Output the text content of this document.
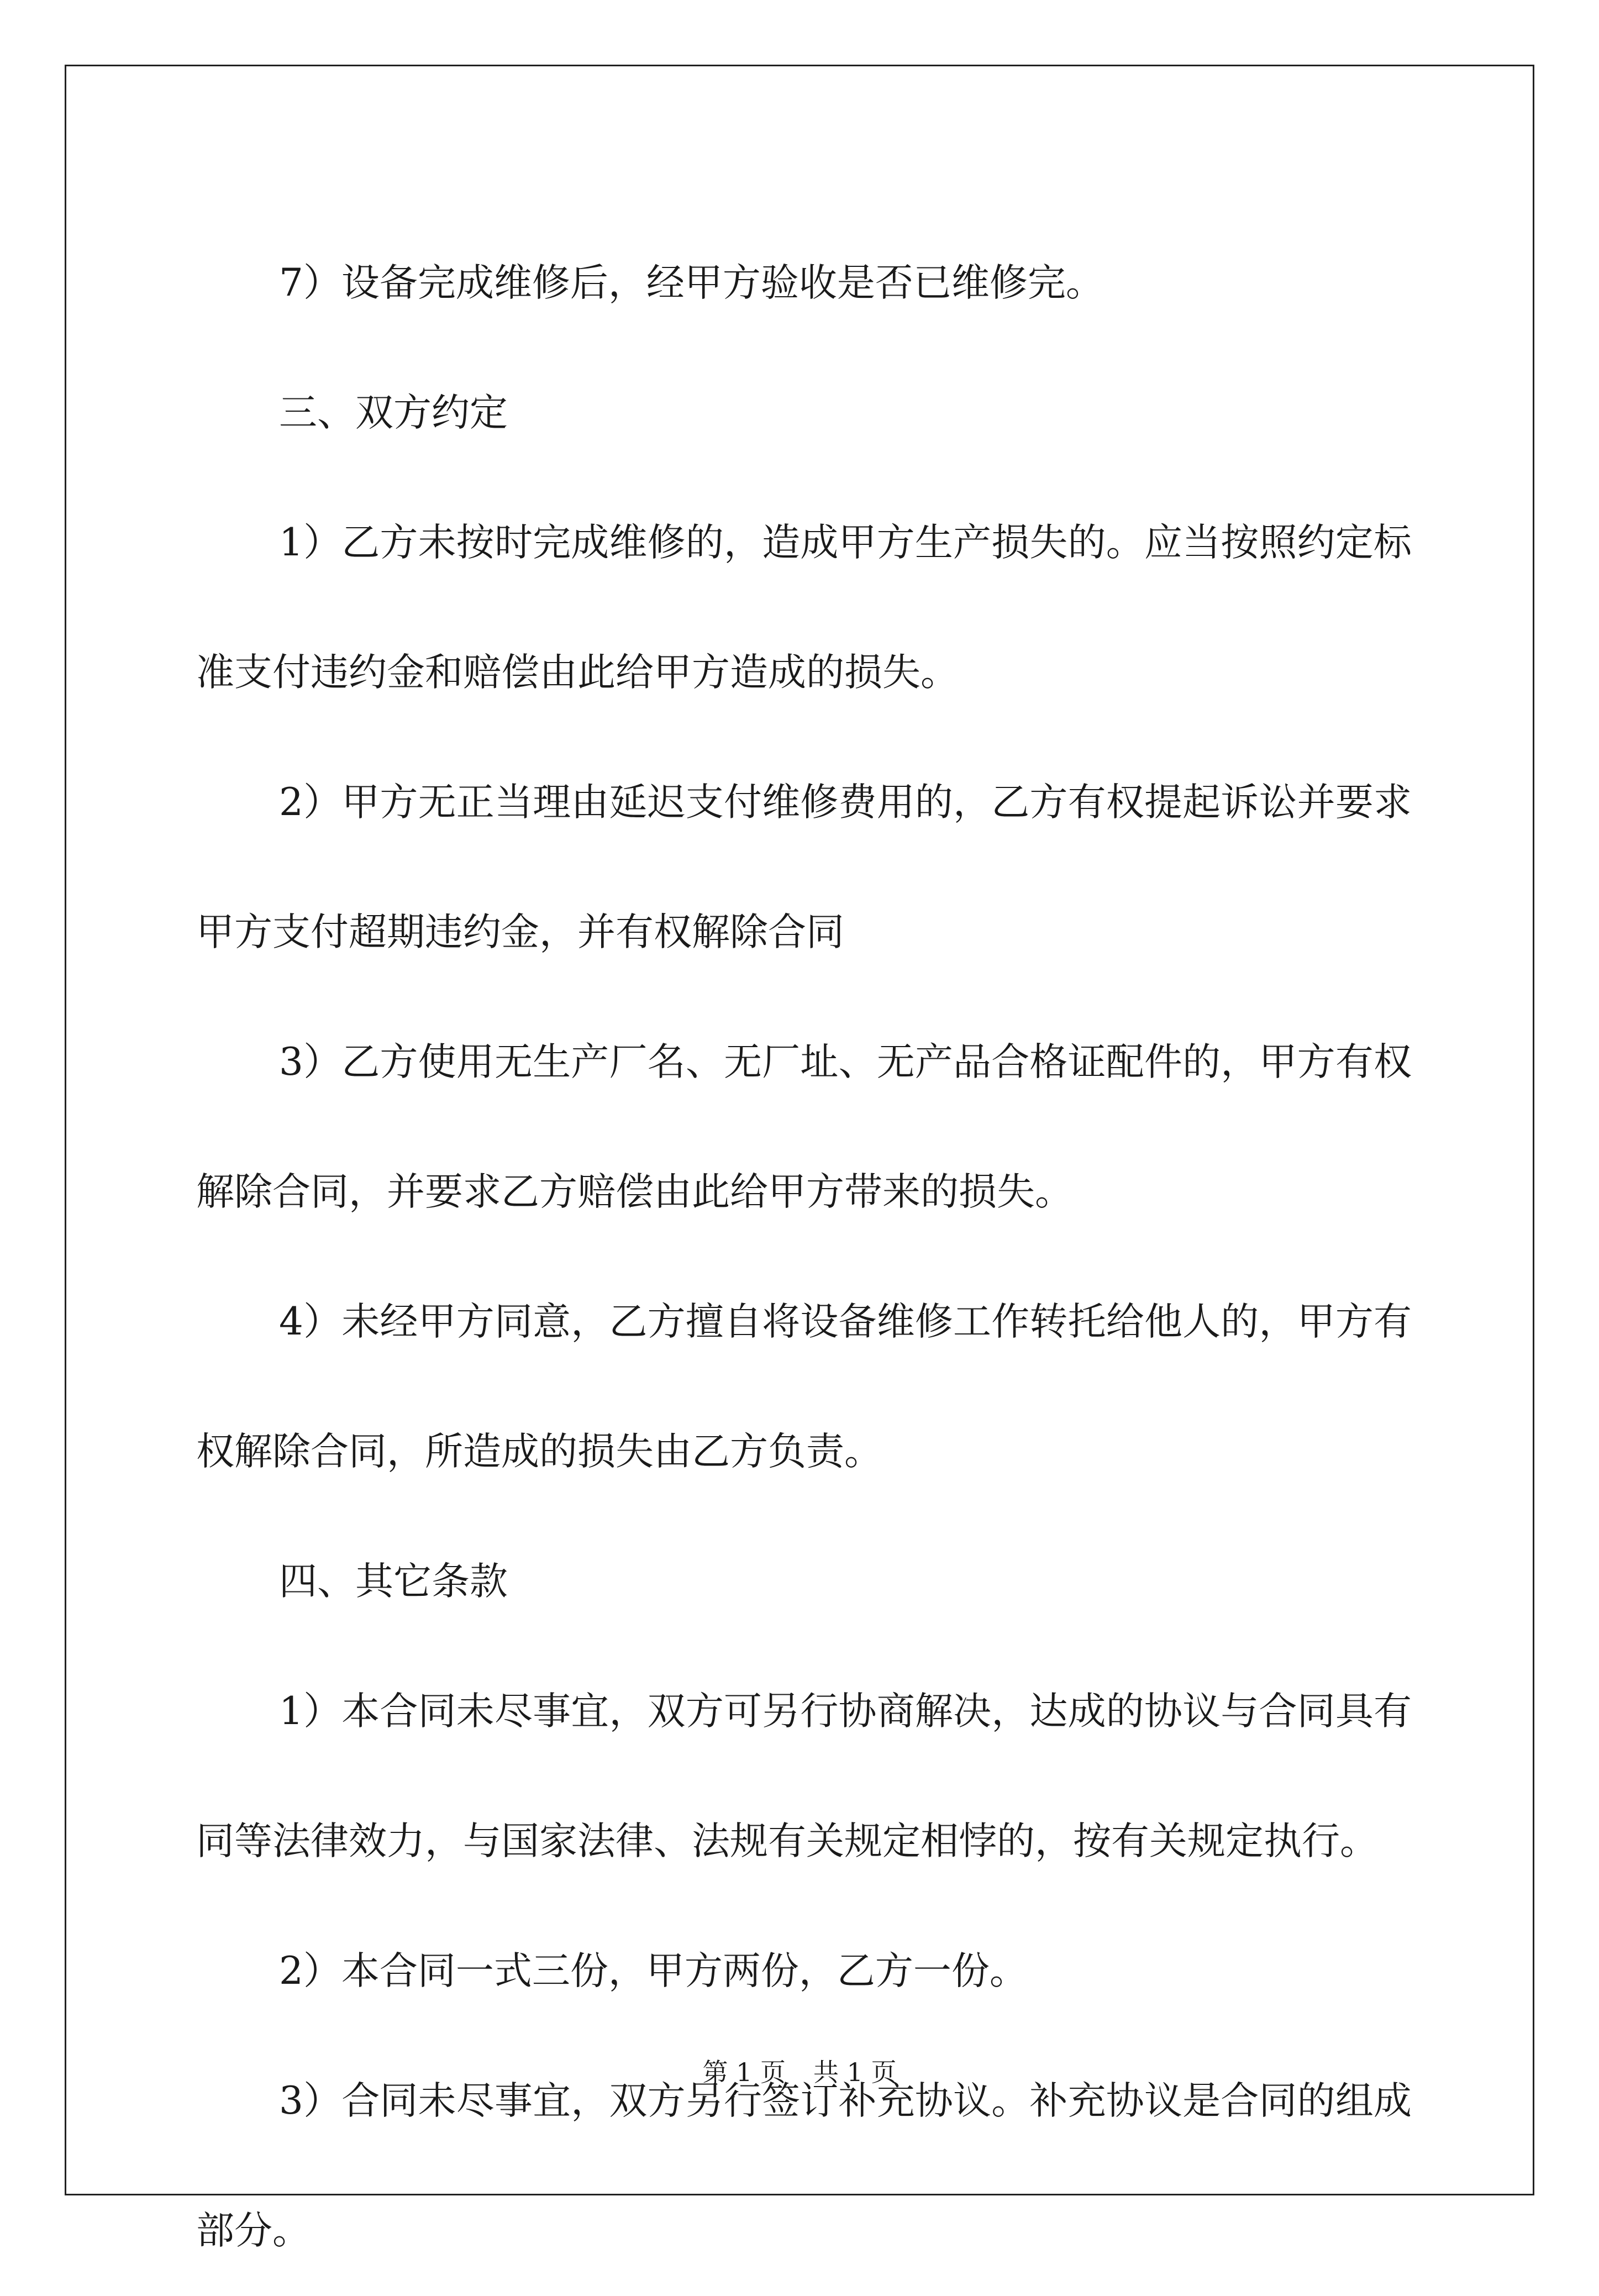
7）设备完成维修后，经甲方验收是否已维修完。

三、双方约定

1）乙方未按时完成维修的，造成甲方生产损失的。应当按照约定标准支付违约金和赔偿由此给甲方造成的损失。

2）甲方无正当理由延迟支付维修费用的，乙方有权提起诉讼并要求甲方支付超期违约金，并有权解除合同

3）乙方使用无生产厂名、无厂址、无产品合格证配件的，甲方有权解除合同，并要求乙方赔偿由此给甲方带来的损失。

4）未经甲方同意，乙方擅自将设备维修工作转托给他人的，甲方有权解除合同，所造成的损失由乙方负责。

四、其它条款

1）本合同未尽事宜，双方可另行协商解决，达成的协议与合同具有同等法律效力，与国家法律、法规有关规定相悖的，按有关规定执行。

2）本合同一式三份，甲方两份，乙方一份。

3）合同未尽事宜，双方另行签订补充协议。补充协议是合同的组成部分。

第 1 页 共 1 页
